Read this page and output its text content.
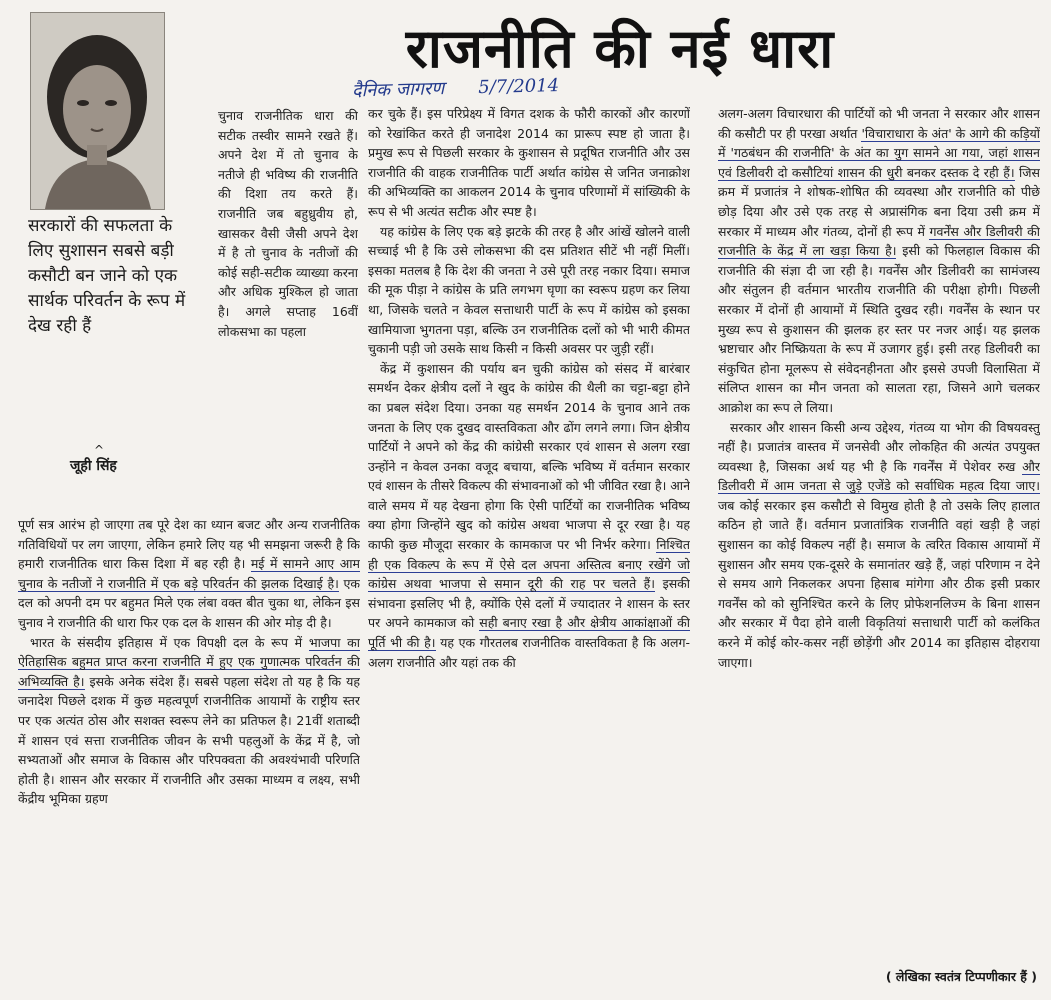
राजनीति की नई धारा
दैनिक जागरण 5/7/2014
सरकारों की सफलता के लिए सुशासन सबसे बड़ी कसौटी बन जाने को एक सार्थक परिवर्तन के रूप में देख रही हैं
^
जूही सिंह

चुनाव राजनीतिक धारा की सटीक तस्वीर सामने रखते हैं। अपने देश में तो चुनाव के नतीजे ही भविष्य की राजनीति की दिशा तय करते हैं। राजनीति जब बहुध्रुवीय हो, खासकर वैसी जैसी अपने देश में है तो चुनाव के नतीजों की कोई सही-सटीक व्याख्या करना और अधिक मुश्किल हो जाता है। अगले सप्ताह 16वीं लोकसभा का पहला

पूर्ण सत्र आरंभ हो जाएगा तब पूरे देश का ध्यान बजट और अन्य राजनीतिक गतिविधियों पर लग जाएगा, लेकिन हमारे लिए यह भी समझना जरूरी है कि हमारी राजनीतिक धारा किस दिशा में बह रही है। मई में सामने आए आम चुनाव के नतीजों ने राजनीति में एक बड़े परिवर्तन की झलक दिखाई है। एक दल को अपनी दम पर बहुमत मिले एक लंबा वक्त बीत चुका था, लेकिन इस चुनाव ने राजनीति की धारा फिर एक दल के शासन की ओर मोड़ दी है।

भारत के संसदीय इतिहास में एक विपक्षी दल के रूप में भाजपा का ऐतिहासिक बहुमत प्राप्त करना राजनीति में हुए एक गुणात्मक परिवर्तन की अभिव्यक्ति है। इसके अनेक संदेश हैं। सबसे पहला संदेश तो यह है कि यह जनादेश पिछले दशक में कुछ महत्वपूर्ण राजनीतिक आयामों के राष्ट्रीय स्तर पर एक अत्यंत ठोस और सशक्त स्वरूप लेने का प्रतिफल है। 21वीं शताब्दी में शासन एवं सत्ता राजनीतिक जीवन के सभी पहलुओं के केंद्र में है, जो सभ्यताओं और समाज के विकास और परिपक्वता की अवश्यंभावी परिणति होती है। शासन और सरकार में राजनीति और उसका माध्यम व लक्ष्य, सभी केंद्रीय भूमिका ग्रहण

कर चुके हैं। इस परिप्रेक्ष्य में विगत दशक के फौरी कारकों और कारणों को रेखांकित करते ही जनादेश 2014 का प्रारूप स्पष्ट हो जाता है। प्रमुख रूप से पिछली सरकार के कुशासन से प्रदूषित राजनीति और उस राजनीति की वाहक राजनीतिक पार्टी अर्थात कांग्रेस से जनित जनाक्रोश की अभिव्यक्ति का आकलन 2014 के चुनाव परिणामों में सांख्यिकी के रूप से भी अत्यंत सटीक और स्पष्ट है।

यह कांग्रेस के लिए एक बड़े झटके की तरह है और आंखें खोलने वाली सच्चाई भी है कि उसे लोकसभा की दस प्रतिशत सीटें भी नहीं मिलीं। इसका मतलब है कि देश की जनता ने उसे पूरी तरह नकार दिया। समाज की मूक पीड़ा ने कांग्रेस के प्रति लगभग घृणा का स्वरूप ग्रहण कर लिया था, जिसके चलते न केवल सत्ताधारी पार्टी के रूप में कांग्रेस को इसका खामियाजा भुगतना पड़ा, बल्कि उन राजनीतिक दलों को भी भारी कीमत चुकानी पड़ी जो उसके साथ किसी न किसी अवसर पर जुड़ी रहीं।

केंद्र में कुशासन की पर्याय बन चुकी कांग्रेस को संसद में बारंबार समर्थन देकर क्षेत्रीय दलों ने खुद के कांग्रेस की थैली का चट्टा-बट्टा होने का प्रबल संदेश दिया। उनका यह समर्थन 2014 के चुनाव आने तक जनता के लिए एक दुखद वास्तविकता और ढोंग लगने लगा। जिन क्षेत्रीय पार्टियों ने अपने को केंद्र की कांग्रेसी सरकार एवं शासन से अलग रखा उन्होंने न केवल उनका वजूद बचाया, बल्कि भविष्य में वर्तमान सरकार एवं शासन के तीसरे विकल्प की संभावनाओं को भी जीवित रखा है। आने वाले समय में यह देखना होगा कि ऐसी पार्टियों का राजनीतिक भविष्य क्या होगा जिन्होंने खुद को कांग्रेस अथवा भाजपा से दूर रखा है। यह काफी कुछ मौजूदा सरकार के कामकाज पर भी निर्भर करेगा। निश्चित ही एक विकल्प के रूप में ऐसे दल अपना अस्तित्व बनाए रखेंगे जो कांग्रेस अथवा भाजपा से समान दूरी की राह पर चलते हैं। इसकी संभावना इसलिए भी है, क्योंकि ऐसे दलों में ज्यादातर ने शासन के स्तर पर अपने कामकाज को सही बनाए रखा है और क्षेत्रीय आकांक्षाओं की पूर्ति भी की है। यह एक गौरतलब राजनीतिक वास्तविकता है कि अलग-अलग राजनीति और यहां तक की

अलग-अलग विचारधारा की पार्टियों को भी जनता ने सरकार और शासन की कसौटी पर ही परखा अर्थात 'विचाराधारा के अंत' के आगे की कड़ियों में 'गठबंधन की राजनीति' के अंत का युग सामने आ गया, जहां शासन एवं डिलीवरी दो कसौटियां शासन की धुरी बनकर दस्तक दे रही हैं। जिस क्रम में प्रजातंत्र ने शोषक-शोषित की व्यवस्था और राजनीति को पीछे छोड़ दिया और उसे एक तरह से अप्रासंगिक बना दिया उसी क्रम में सरकार में माध्यम और गंतव्य, दोनों ही रूप में गवर्नेंस और डिलीवरी की राजनीति के केंद्र में ला खड़ा किया है। इसी को फिलहाल विकास की राजनीति की संज्ञा दी जा रही है। गवर्नेंस और डिलीवरी का सामंजस्य और संतुलन ही वर्तमान भारतीय राजनीति की परीक्षा होगी। पिछली सरकार में दोनों ही आयामों में स्थिति दुखद रही। गवर्नेंस के स्थान पर मुख्य रूप से कुशासन की झलक हर स्तर पर नजर आई। यह झलक भ्रष्टाचार और निष्क्रियता के रूप में उजागर हुई। इसी तरह डिलीवरी का संकुचित होना मूलरूप से संवेदनहीनता और इससे उपजी विलासिता में संलिप्त शासन का मौन जनता को सालता रहा, जिसने आगे चलकर आक्रोश का रूप ले लिया।

सरकार और शासन किसी अन्य उद्देश्य, गंतव्य या भोग की विषयवस्तु नहीं है। प्रजातंत्र वास्तव में जनसेवी और लोकहित की अत्यंत उपयुक्त व्यवस्था है, जिसका अर्थ यह भी है कि गवर्नेंस में पेशेवर रुख और डिलीवरी में आम जनता से जुड़े एजेंडे को सर्वाधिक महत्व दिया जाए। जब कोई सरकार इस कसौटी से विमुख होती है तो उसके लिए हालात कठिन हो जाते हैं। वर्तमान प्रजातांत्रिक राजनीति वहां खड़ी है जहां सुशासन का कोई विकल्प नहीं है। समाज के त्वरित विकास आयामों में सुशासन और समय एक-दूसरे के समानांतर खड़े हैं, जहां परिणाम न देने से समय आगे निकलकर अपना हिसाब मांगेगा और ठीक इसी प्रकार गवर्नेंस को को सुनिश्चित करने के लिए प्रोफेशनलिज्म के बिना शासन और सरकार में पैदा होने वाली विकृतियां सत्ताधारी पार्टी को कलंकित करने में कोई कोर-कसर नहीं छोड़ेंगी और 2014 का इतिहास दोहराया जाएगा।

( लेखिका स्वतंत्र टिप्पणीकार हैं )
